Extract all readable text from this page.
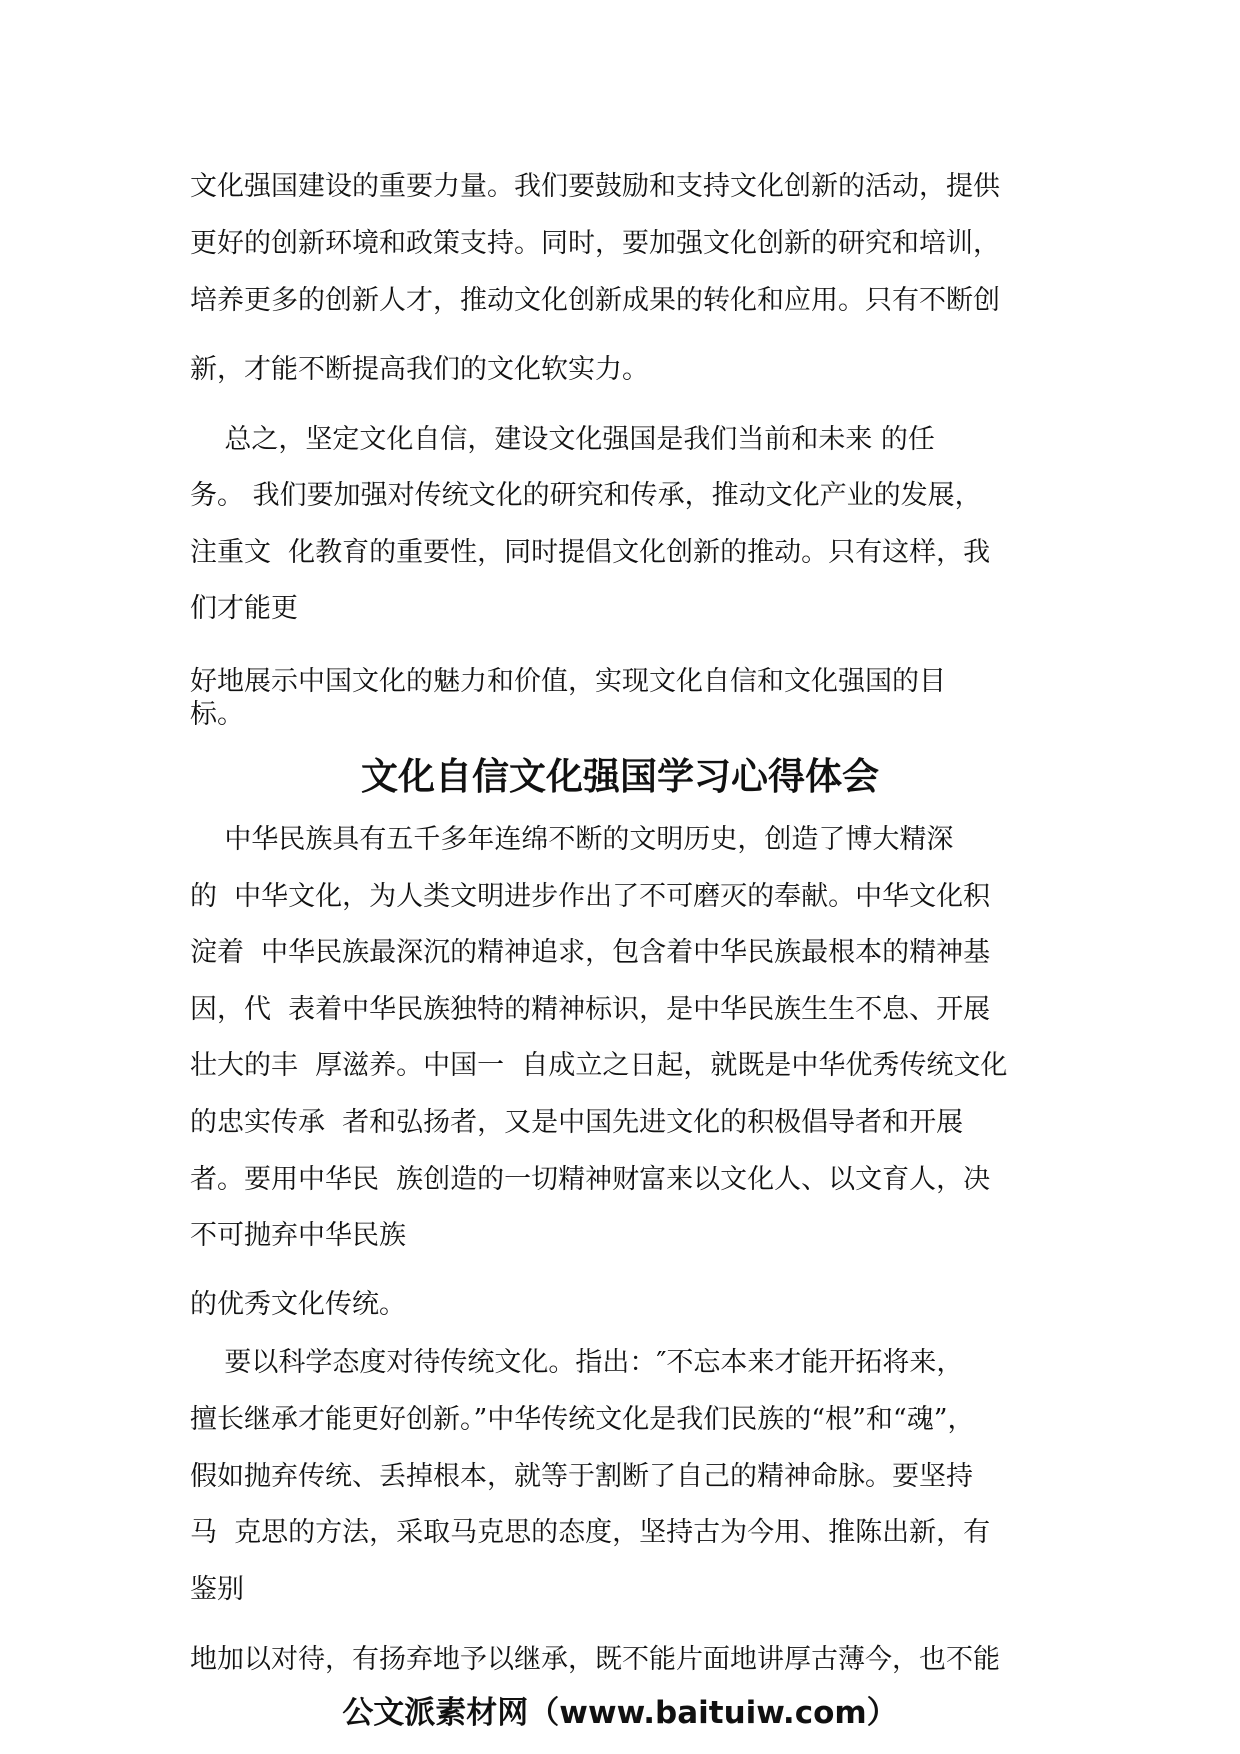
文化强国建设的重要力量。我们要鼓励和支持文化创新的活动，提供
更好的创新环境和政策支持。同时，要加强文化创新的研究和培训，
培养更多的创新人才，推动文化创新成果的转化和应用。只有不断创
新，才能不断提高我们的文化软实力。
总之，坚定文化自信，建设文化强国是我们当前和未来 的任
务。 我们要加强对传统文化的研究和传承，推动文化产业的发展，
注重文  化教育的重要性，同时提倡文化创新的推动。只有这样，我
们才能更
好地展示中国文化的魅力和价值，实现文化自信和文化强国的目
标。
文化自信文化强国学习心得体会
中华民族具有五千多年连绵不断的文明历史，创造了博大精深
的  中华文化，为人类文明进步作出了不可磨灭的奉献。中华文化积
淀着  中华民族最深沉的精神追求，包含着中华民族最根本的精神基
因，代  表着中华民族独特的精神标识，是中华民族生生不息、开展
壮大的丰  厚滋养。中国一  自成立之日起，就既是中华优秀传统文化
的忠实传承  者和弘扬者，又是中国先进文化的积极倡导者和开展
者。要用中华民  族创造的一切精神财富来以文化人、以文育人，决
不可抛弃中华民族
的优秀文化传统。
要以科学态度对待传统文化。指出：″不忘本来才能开拓将来，
擅长继承才能更好创新。”中华传统文化是我们民族的“根”和“魂”，
假如抛弃传统、丢掉根本，就等于割断了自己的精神命脉。要坚持
马  克思的方法，采取马克思的态度，坚持古为今用、推陈出新，有
鉴别
地加以对待，有扬弃地予以继承，既不能片面地讲厚古薄今，也不能
公文派素材网（www.baituiw.com）
